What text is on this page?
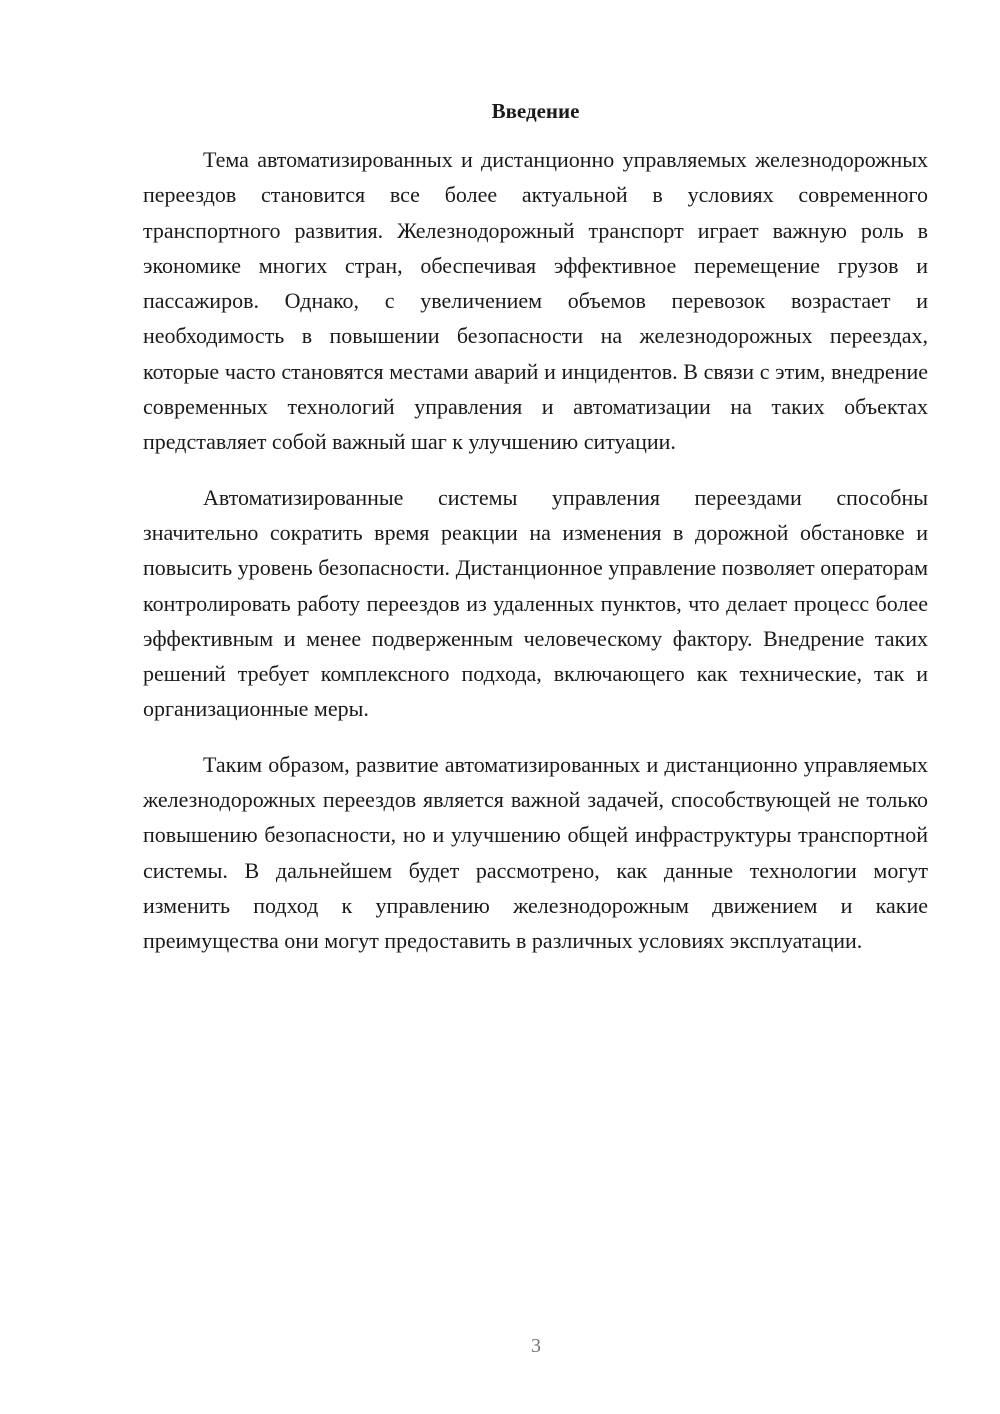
Введение

Тема автоматизированных и дистанционно управляемых железнодорожных переездов становится все более актуальной в условиях современного транспортного развития. Железнодорожный транспорт играет важную роль в экономике многих стран, обеспечивая эффективное перемещение грузов и пассажиров. Однако, с увеличением объемов перевозок возрастает и необходимость в повышении безопасности на железнодорожных переездах, которые часто становятся местами аварий и инцидентов. В связи с этим, внедрение современных технологий управления и автоматизации на таких объектах представляет собой важный шаг к улучшению ситуации.

Автоматизированные системы управления переездами способны значительно сократить время реакции на изменения в дорожной обстановке и повысить уровень безопасности. Дистанционное управление позволяет операторам контролировать работу переездов из удаленных пунктов, что делает процесс более эффективным и менее подверженным человеческому фактору. Внедрение таких решений требует комплексного подхода, включающего как технические, так и организационные меры.

Таким образом, развитие автоматизированных и дистанционно управляемых железнодорожных переездов является важной задачей, способствующей не только повышению безопасности, но и улучшению общей инфраструктуры транспортной системы. В дальнейшем будет рассмотрено, как данные технологии могут изменить подход к управлению железнодорожным движением и какие преимущества они могут предоставить в различных условиях эксплуатации.

3
